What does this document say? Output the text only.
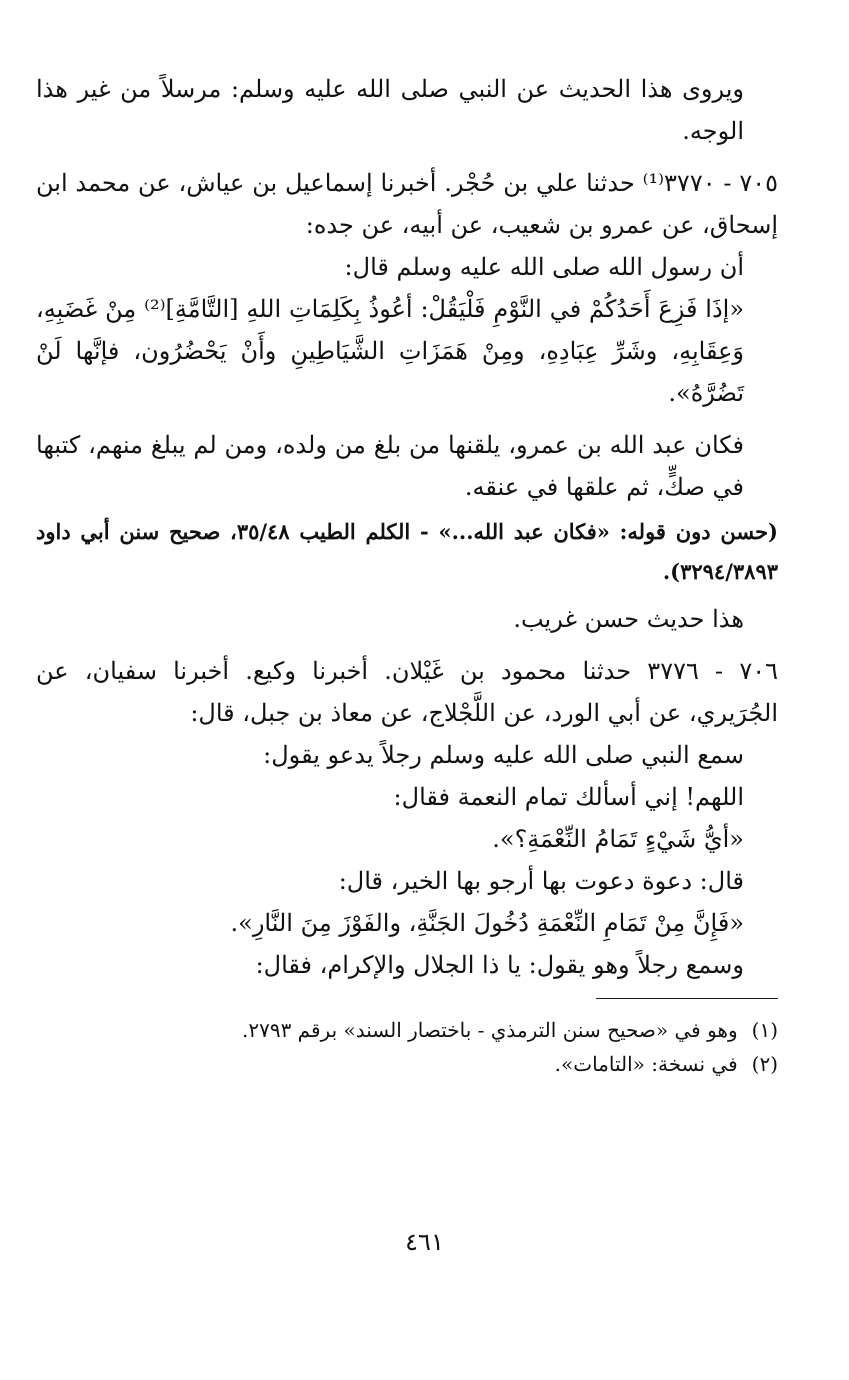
ويروى هذا الحديث عن النبي صلى الله عليه وسلم: مرسلاً من غير هذا الوجه.

٧٠٥ - ٣٧٧٠⁽¹⁾ حدثنا علي بن حُجْر. أخبرنا إسماعيل بن عياش، عن محمد ابن إسحاق، عن عمرو بن شعيب، عن أبيه، عن جده:

أن رسول الله صلى الله عليه وسلم قال:

«إذَا فَزِعَ أَحَدُكُمْ في النَّوْمِ فَلْيَقُلْ: أعُوذُ بِكَلِمَاتِ اللهِ [التَّامَّةِ]⁽²⁾ مِنْ غَضَبِهِ، وَعِقَابِهِ، وشَرِّ عِبَادِهِ، ومِنْ هَمَزَاتِ الشَّيَاطِينِ وأَنْ يَحْضُرُون، فإنَّها لَنْ تَضُرَّهُ».

فكان عبد الله بن عمرو، يلقنها من بلغ من ولده، ومن لم يبلغ منهم، كتبها في صكٍّ، ثم علقها في عنقه.

(حسن دون قوله: «فكان عبد الله...» - الكلم الطيب ٣٥/٤٨، صحيح سنن أبي داود ٣٢٩٤/٣٨٩٣).

هذا حديث حسن غريب.

٧٠٦ - ٣٧٧٦ حدثنا محمود بن غَيْلان. أخبرنا وكيع. أخبرنا سفيان، عن الجُرَيري، عن أبي الورد، عن اللَّجْلاج، عن معاذ بن جبل، قال:

سمع النبي صلى الله عليه وسلم رجلاً يدعو يقول:

اللهم! إني أسألك تمام النعمة فقال:

«أيُّ شَيْءٍ تَمَامُ النِّعْمَةِ؟».

قال: دعوة دعوت بها أرجو بها الخير، قال:

«فَإِنَّ مِنْ تَمَامِ النِّعْمَةِ دُخُولَ الجَنَّةِ، والفَوْزَ مِنَ النَّارِ».

وسمع رجلاً وهو يقول: يا ذا الجلال والإكرام، فقال:

(١)وهو في «صحيح سنن الترمذي - باختصار السند» برقم ٢٧٩٣.
(٢)في نسخة: «التامات».
٤٦١
